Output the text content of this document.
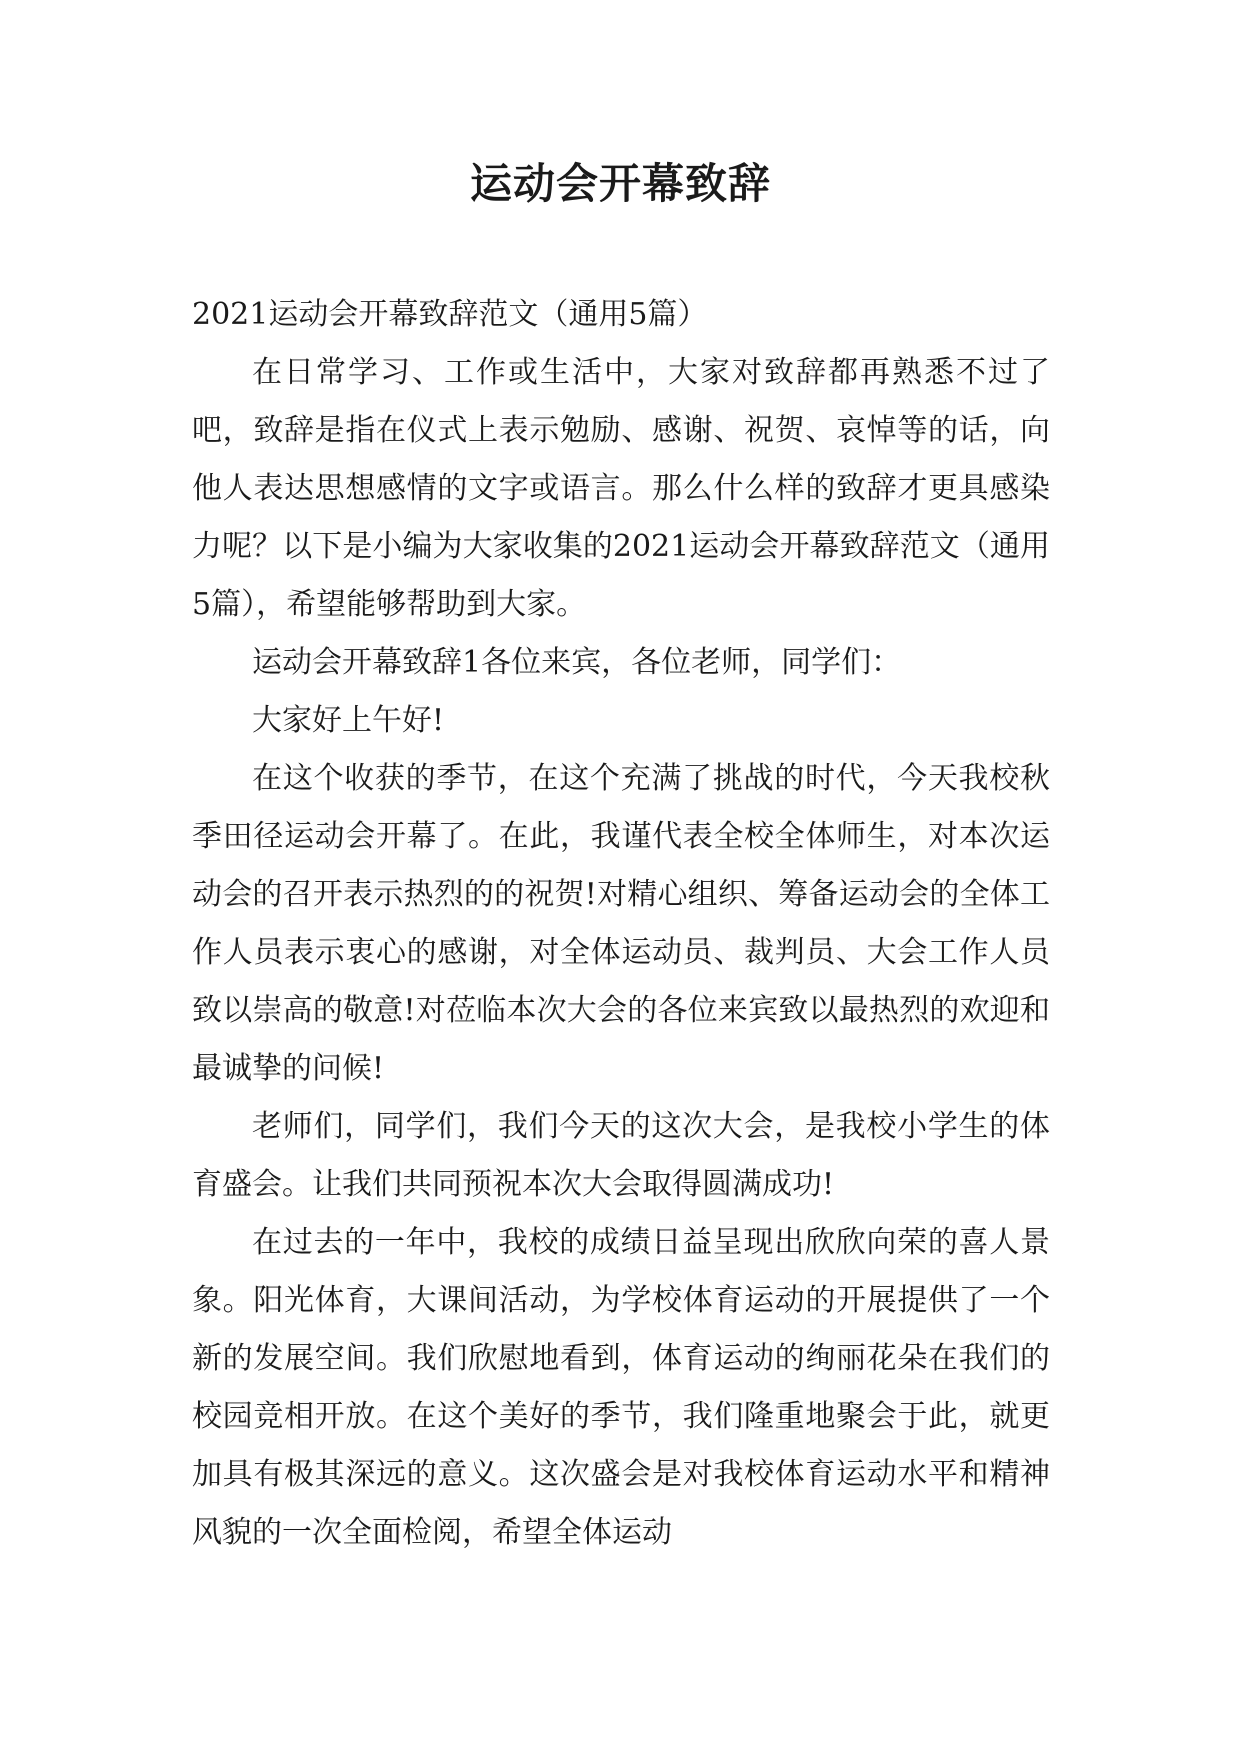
运动会开幕致辞

2021运动会开幕致辞范文（通用5篇）

在日常学习、工作或生活中，大家对致辞都再熟悉不过了吧，致辞是指在仪式上表示勉励、感谢、祝贺、哀悼等的话，向他人表达思想感情的文字或语言。那么什么样的致辞才更具感染力呢？以下是小编为大家收集的2021运动会开幕致辞范文（通用5篇），希望能够帮助到大家。

运动会开幕致辞1各位来宾，各位老师，同学们：

大家好上午好!

在这个收获的季节，在这个充满了挑战的时代，今天我校秋季田径运动会开幕了。在此，我谨代表全校全体师生，对本次运动会的召开表示热烈的的祝贺!对精心组织、筹备运动会的全体工作人员表示衷心的感谢，对全体运动员、裁判员、大会工作人员致以崇高的敬意!对莅临本次大会的各位来宾致以最热烈的欢迎和最诚挚的问候!

老师们，同学们，我们今天的这次大会，是我校小学生的体育盛会。让我们共同预祝本次大会取得圆满成功!

在过去的一年中，我校的成绩日益呈现出欣欣向荣的喜人景象。阳光体育，大课间活动，为学校体育运动的开展提供了一个新的发展空间。我们欣慰地看到，体育运动的绚丽花朵在我们的校园竞相开放。在这个美好的季节，我们隆重地聚会于此，就更加具有极其深远的意义。这次盛会是对我校体育运动水平和精神风貌的一次全面检阅，希望全体运动
